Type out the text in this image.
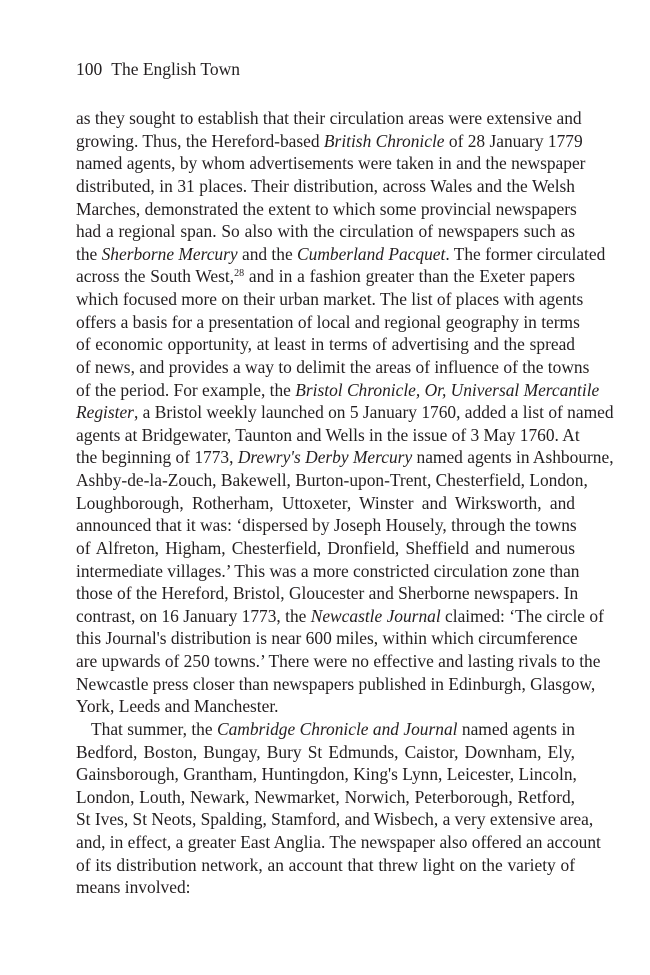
100 The English Town
as they sought to establish that their circulation areas were extensive and
growing. Thus, the Hereford-based British Chronicle of 28 January 1779
named agents, by whom advertisements were taken in and the newspaper
distributed, in 31 places. Their distribution, across Wales and the Welsh
Marches, demonstrated the extent to which some provincial newspapers
had a regional span. So also with the circulation of newspapers such as
the Sherborne Mercury and the Cumberland Pacquet. The former circulated
across the South West,$^{28}$ and in a fashion greater than the Exeter papers
which focused more on their urban market. The list of places with agents
offers a basis for a presentation of local and regional geography in terms
of economic opportunity, at least in terms of advertising and the spread
of news, and provides a way to delimit the areas of influence of the towns
of the period. For example, the Bristol Chronicle, Or, Universal Mercantile
Register, a Bristol weekly launched on 5 January 1760, added a list of named
agents at Bridgewater, Taunton and Wells in the issue of 3 May 1760. At
the beginning of 1773, Drewry's Derby Mercury named agents in Ashbourne,
Ashby-de-la-Zouch, Bakewell, Burton-upon-Trent, Chesterfield, London,
Loughborough, Rotherham, Uttoxeter, Winster and Wirksworth, and
announced that it was: ‘dispersed by Joseph Housely, through the towns
of Alfreton, Higham, Chesterfield, Dronfield, Sheffield and numerous
intermediate villages.’ This was a more constricted circulation zone than
those of the Hereford, Bristol, Gloucester and Sherborne newspapers. In
contrast, on 16 January 1773, the Newcastle Journal claimed: ‘The circle of
this Journal's distribution is near 600 miles, within which circumference
are upwards of 250 towns.’ There were no effective and lasting rivals to the
Newcastle press closer than newspapers published in Edinburgh, Glasgow,
York, Leeds and Manchester.
That summer, the Cambridge Chronicle and Journal named agents in
Bedford, Boston, Bungay, Bury St Edmunds, Caistor, Downham, Ely,
Gainsborough, Grantham, Huntingdon, King's Lynn, Leicester, Lincoln,
London, Louth, Newark, Newmarket, Norwich, Peterborough, Retford,
St Ives, St Neots, Spalding, Stamford, and Wisbech, a very extensive area,
and, in effect, a greater East Anglia. The newspaper also offered an account
of its distribution network, an account that threw light on the variety of
means involved:
